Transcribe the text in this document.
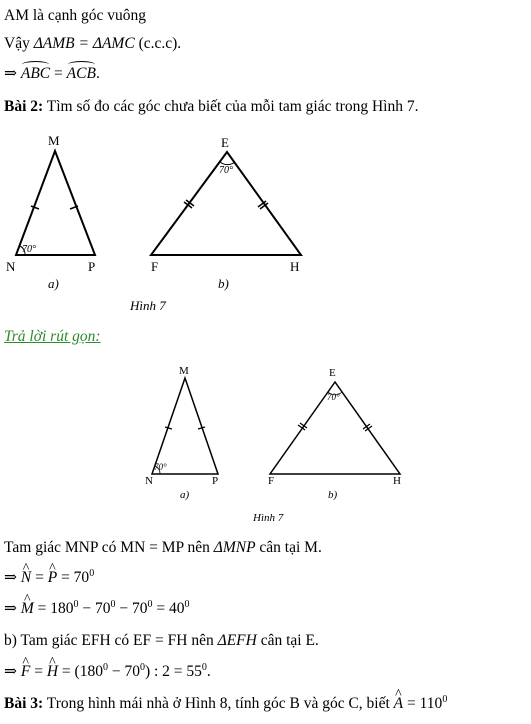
AM là cạnh góc vuông
Vậy ΔAMB = ΔAMC (c.c.c).
⇒ ABC = ACB.
Bài 2: Tìm số đo các góc chưa biết của mỗi tam giác trong Hình 7.
M
N	P
70°
a)
E
F	H
70°
b)
Hình 7
Trả lời rút gọn:
M
N	P
70°
a)
E
F	H
70°
b)
Hình 7
Tam giác MNP có MN = MP nên ΔMNP cân tại M.
⇒ ^ N = ^ $P = 70^0$
⇒ ^ $M = 180^0 - 70^0 - 70^0 = 40^0$
b) Tam giác EFH có EF = FH nên ΔEFH cân tại E.
⇒ ^ F = ^ $H = (180^0 - 70^0)$ : $2 = 55^0$.
Bài 3: Trong hình mái nhà ở Hình 8, tính góc B và góc C, biết ^ $A = 110^0$
